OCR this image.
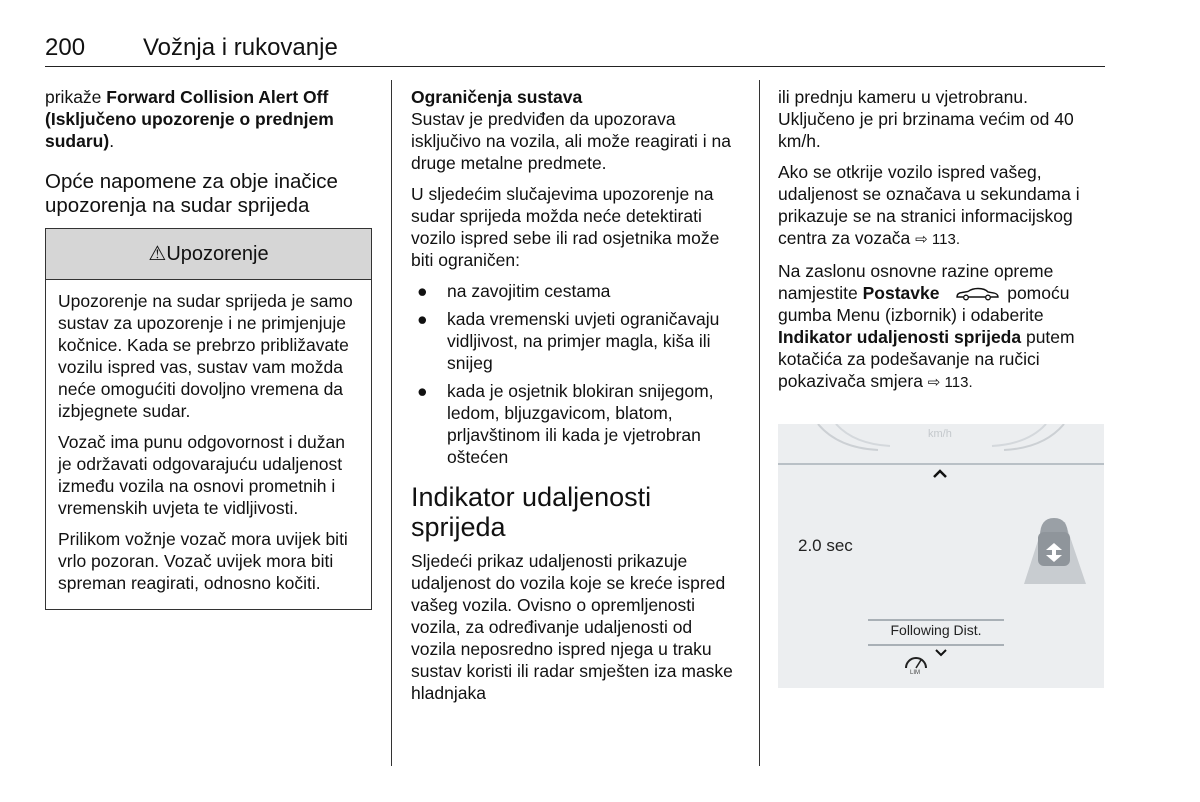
200 Vožnja i rukovanje

prikaže Forward Collision Alert Off (Isključeno upozorenje o prednjem sudaru).

Opće napomene za obje inačice upozorenja na sudar sprijeda
⚠Upozorenje

Upozorenje na sudar sprijeda je samo sustav za upozorenje i ne primjenjuje kočnice. Kada se prebrzo približavate vozilu ispred vas, sustav vam možda neće omogućiti dovoljno vremena da izbjegnete sudar.

Vozač ima punu odgovornost i dužan je održavati odgovarajuću udaljenost između vozila na osnovi prometnih i vremenskih uvjeta te vidljivosti.

Prilikom vožnje vozač mora uvijek biti vrlo pozoran. Vozač uvijek mora biti spreman reagirati, odnosno kočiti.

Ograničenja sustava

Sustav je predviđen da upozorava isključivo na vozila, ali može reagirati i na druge metalne predmete.

U sljedećim slučajevima upozorenje na sudar sprijeda možda neće detektirati vozilo ispred sebe ili rad osjetnika može biti ograničen:

● na zavojitim cestama
● kada vremenski uvjeti ograničavaju vidljivost, na primjer magla, kiša ili snijeg
● kada je osjetnik blokiran snijegom, ledom, bljuzgavicom, blatom, prljavštinom ili kada je vjetrobran oštećen
Indikator udaljenosti sprijeda

Sljedeći prikaz udaljenosti prikazuje udaljenost do vozila koje se kreće ispred vašeg vozila. Ovisno o opremljenosti vozila, za određivanje udaljenosti od vozila neposredno ispred njega u traku sustav koristi ili radar smješten iza maske hladnjaka

ili prednju kameru u vjetrobranu. Uključeno je pri brzinama većim od 40 km/h.

Ako se otkrije vozilo ispred vašeg, udaljenost se označava u sekundama i prikazuje se na stranici informacijskog centra za vozača ⇨ 113.

Na zaslonu osnovne razine opreme namjestite Postavke	pomoću gumba Menu (izbornik) i odaberite Indikator udaljenosti sprijeda putem kotačića za podešavanje na ručici pokazivača smjera ⇨ 113.

km/h
2.0 sec
Following Dist.
LIM
